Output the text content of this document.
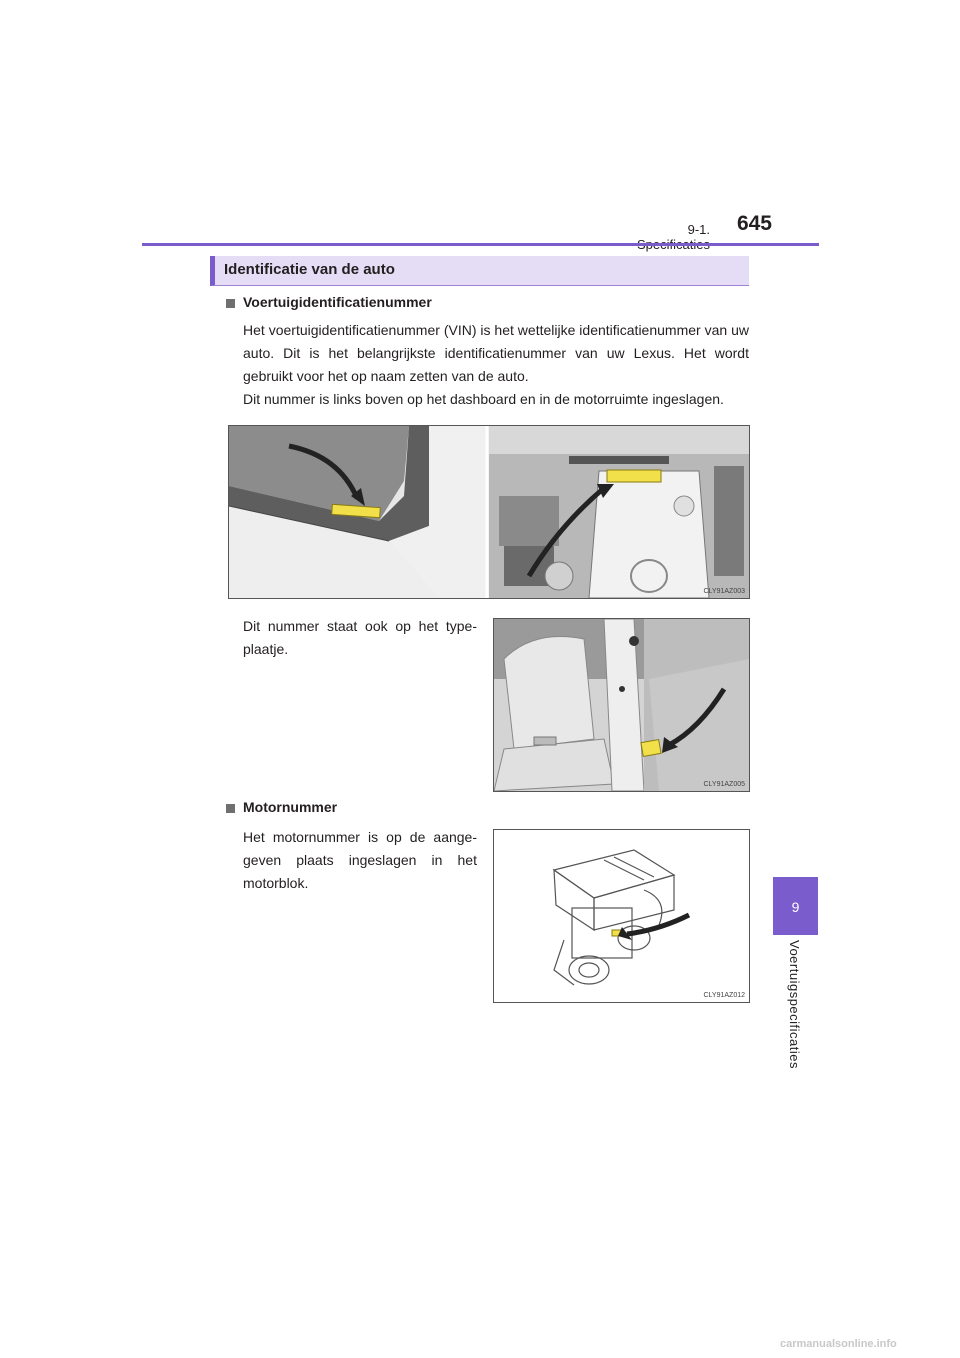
9-1.	645
9
Voertuigspecificaties
Identificatie van de auto
Voertuigidentificatienummer
Het voertuigidentificatienummer (VIN) is het wettelijke identificatienummer van uw auto. Dit is het belangrijkste identificatienummer van uw Lexus. Het wordt gebruikt voor het op naam zetten van de auto.
Dit nummer is links boven op het dashboard en in de motorruimte ingeslagen.
CLY91AZ003
Dit nummer staat ook op het type-plaatje.
CLY91AZ005
Motornummer
Het motornummer is op de aange-geven plaats ingeslagen in het motorblok.
CLY91AZ012
carmanualsonline.info
